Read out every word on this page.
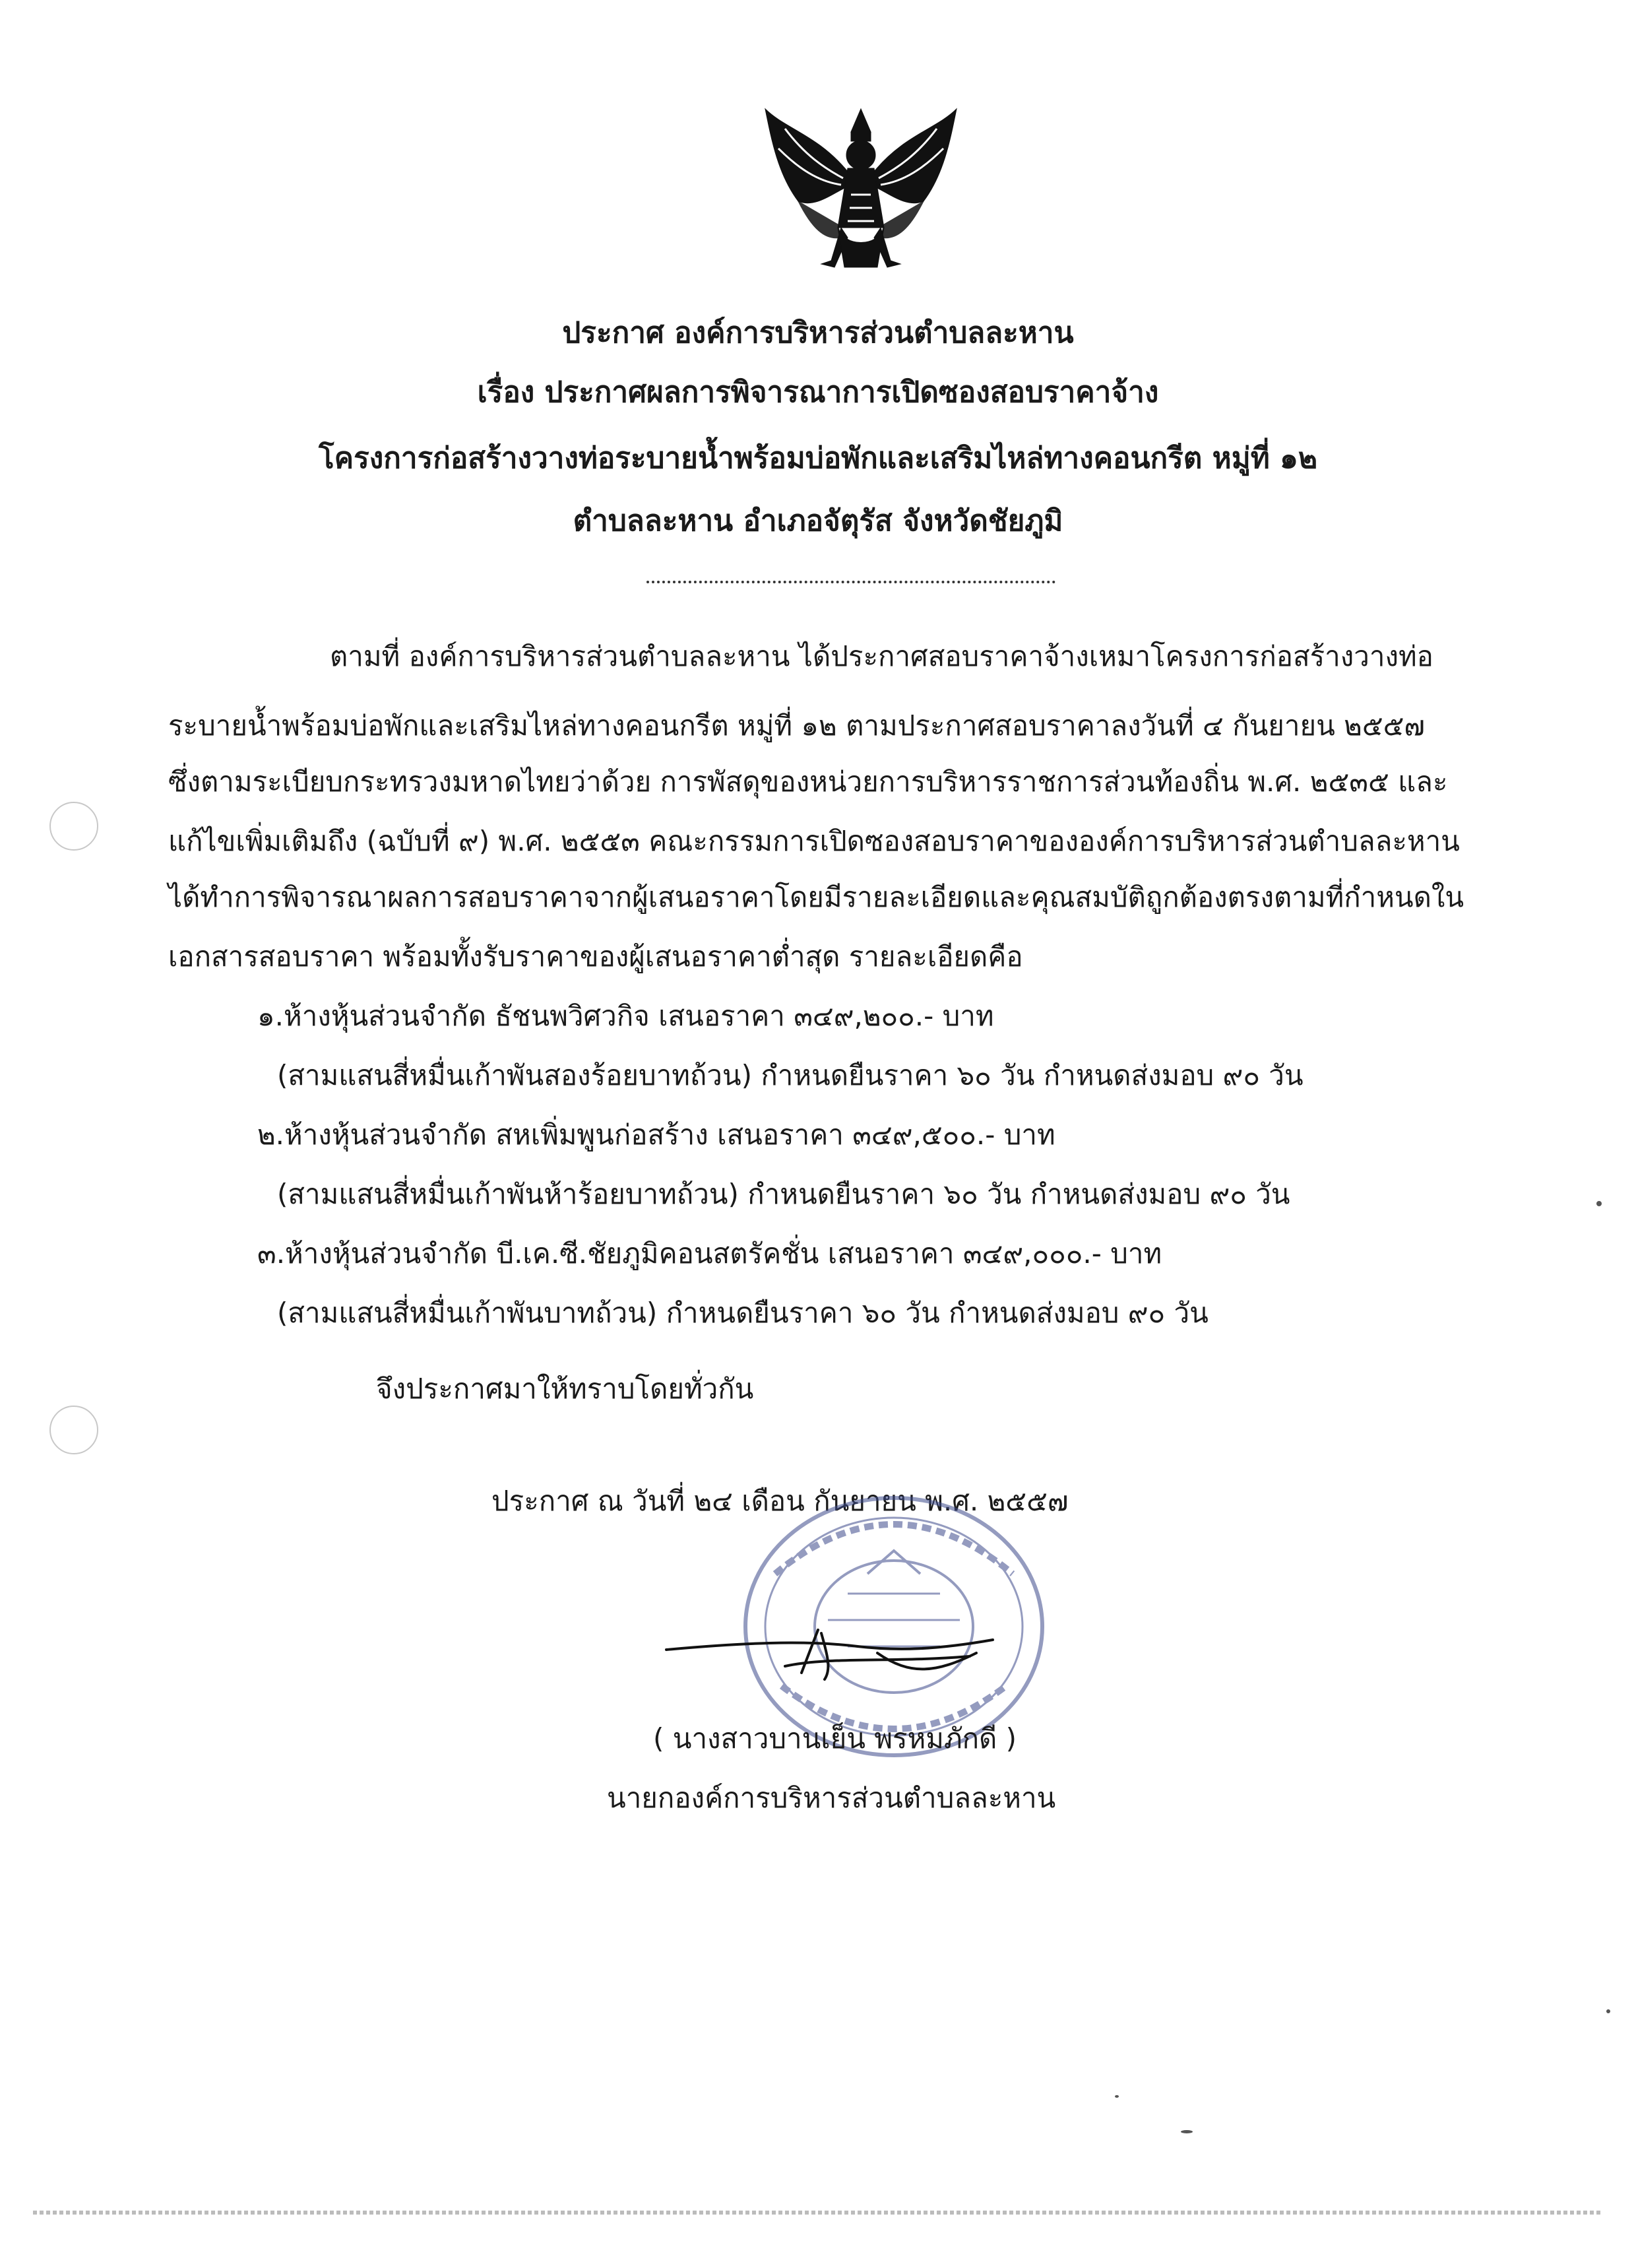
ประกาศ องค์การบริหารส่วนตำบลละหาน
เรื่อง ประกาศผลการพิจารณาการเปิดซองสอบราคาจ้าง
โครงการก่อสร้างวางท่อระบายน้ำพร้อมบ่อพักและเสริมไหล่ทางคอนกรีต หมู่ที่ ๑๒
ตำบลละหาน อำเภอจัตุรัส จังหวัดชัยภูมิ
ตามที่ องค์การบริหารส่วนตำบลละหาน ได้ประกาศสอบราคาจ้างเหมาโครงการก่อสร้างวางท่อ
ระบายน้ำพร้อมบ่อพักและเสริมไหล่ทางคอนกรีต หมู่ที่ ๑๒ ตามประกาศสอบราคาลงวันที่ ๔ กันยายน ๒๕๕๗
ซึ่งตามระเบียบกระทรวงมหาดไทยว่าด้วย การพัสดุของหน่วยการบริหารราชการส่วนท้องถิ่น พ.ศ. ๒๕๓๕ และ
แก้ไขเพิ่มเติมถึง (ฉบับที่ ๙) พ.ศ. ๒๕๕๓ คณะกรรมการเปิดซองสอบราคาขององค์การบริหารส่วนตำบลละหาน
ได้ทำการพิจารณาผลการสอบราคาจากผู้เสนอราคาโดยมีรายละเอียดและคุณสมบัติถูกต้องตรงตามที่กำหนดใน
เอกสารสอบราคา พร้อมทั้งรับราคาของผู้เสนอราคาต่ำสุด รายละเอียดคือ
๑.ห้างหุ้นส่วนจำกัด ธัชนพวิศวกิจ เสนอราคา ๓๔๙,๒๐๐.- บาท
(สามแสนสี่หมื่นเก้าพันสองร้อยบาทถ้วน) กำหนดยืนราคา ๖๐ วัน กำหนดส่งมอบ ๙๐ วัน
๒.ห้างหุ้นส่วนจำกัด สหเพิ่มพูนก่อสร้าง เสนอราคา ๓๔๙,๕๐๐.- บาท
(สามแสนสี่หมื่นเก้าพันห้าร้อยบาทถ้วน) กำหนดยืนราคา ๖๐ วัน กำหนดส่งมอบ ๙๐ วัน
๓.ห้างหุ้นส่วนจำกัด บี.เค.ซี.ชัยภูมิคอนสตรัคชั่น เสนอราคา ๓๔๙,๐๐๐.- บาท
(สามแสนสี่หมื่นเก้าพันบาทถ้วน) กำหนดยืนราคา ๖๐ วัน กำหนดส่งมอบ ๙๐ วัน
จึงประกาศมาให้ทราบโดยทั่วกัน
ประกาศ ณ วันที่ ๒๔ เดือน กันยายน พ.ศ. ๒๕๕๗
( นางสาวบานเย็น พรหมภักดี )
นายกองค์การบริหารส่วนตำบลละหาน
